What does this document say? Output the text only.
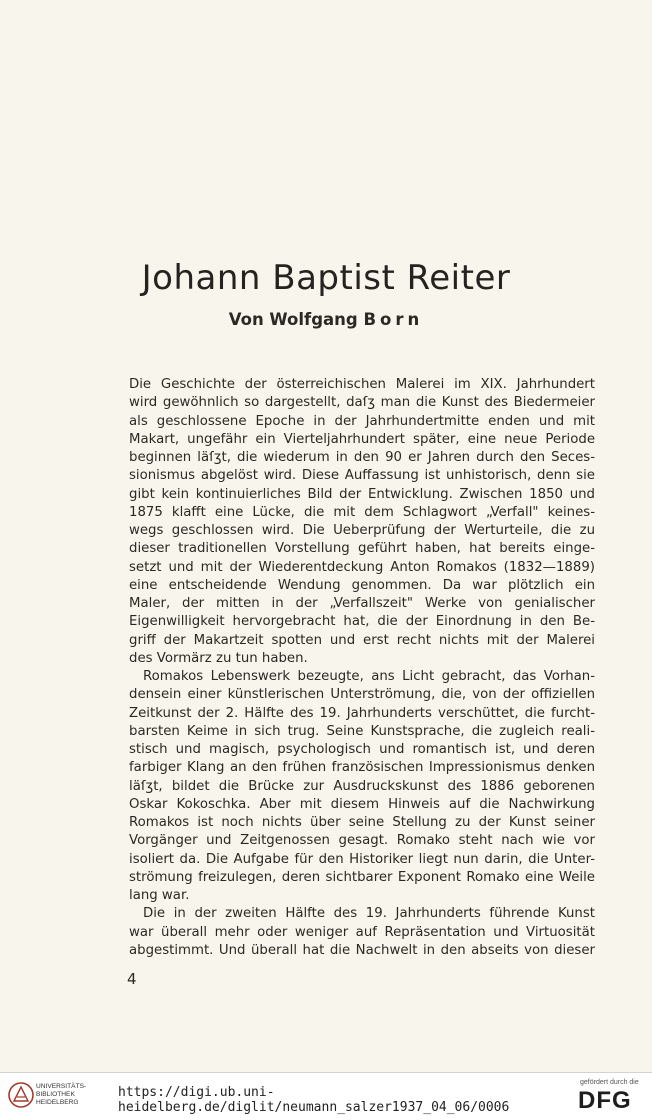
Johann Baptist Reiter
Von Wolfgang Born
Die Geschichte der österreichischen Malerei im XIX. Jahrhundert
wird gewöhnlich so dargestellt, daſʒ man die Kunst des Biedermeier
als geschlossene Epoche in der Jahrhundertmitte enden und mit
Makart, ungefähr ein Vierteljahrhundert später, eine neue Periode
beginnen läſʒt, die wiederum in den 90 er Jahren durch den Seces-
sionismus abgelöst wird. Diese Auffassung ist unhistorisch, denn sie
gibt kein kontinuierliches Bild der Entwicklung. Zwischen 1850 und
1875 klafft eine Lücke, die mit dem Schlagwort „Verfall" keines-
wegs geschlossen wird. Die Ueberprüfung der Werturteile, die zu
dieser traditionellen Vorstellung geführt haben, hat bereits einge-
setzt und mit der Wiederentdeckung Anton Romakos (1832—1889)
eine entscheidende Wendung genommen. Da war plötzlich ein
Maler, der mitten in der „Verfallszeit" Werke von genialischer
Eigenwilligkeit hervorgebracht hat, die der Einordnung in den Be-
griff der Makartzeit spotten und erst recht nichts mit der Malerei
des Vormärz zu tun haben.
Romakos Lebenswerk bezeugte, ans Licht gebracht, das Vorhan-
densein einer künstlerischen Unterströmung, die, von der offiziellen
Zeitkunst der 2. Hälfte des 19. Jahrhunderts verschüttet, die furcht-
barsten Keime in sich trug. Seine Kunstsprache, die zugleich reali-
stisch und magisch, psychologisch und romantisch ist, und deren
farbiger Klang an den frühen französischen Impressionismus denken
läſʒt, bildet die Brücke zur Ausdruckskunst des 1886 geborenen
Oskar Kokoschka. Aber mit diesem Hinweis auf die Nachwirkung
Romakos ist noch nichts über seine Stellung zu der Kunst seiner
Vorgänger und Zeitgenossen gesagt. Romako steht nach wie vor
isoliert da. Die Aufgabe für den Historiker liegt nun darin, die Unter-
strömung freizulegen, deren sichtbarer Exponent Romako eine Weile
lang war.
Die in der zweiten Hälfte des 19. Jahrhunderts führende Kunst
war überall mehr oder weniger auf Repräsentation und Virtuosität
abgestimmt. Und überall hat die Nachwelt in den abseits von dieser
4
UNIVERSITÄTS-
BIBLIOTHEK
HEIDELBERG
https://digi.ub.uni-heidelberg.de/diglit/neumann_salzer1937_04_06/0006
gefördert durch die
DFG
